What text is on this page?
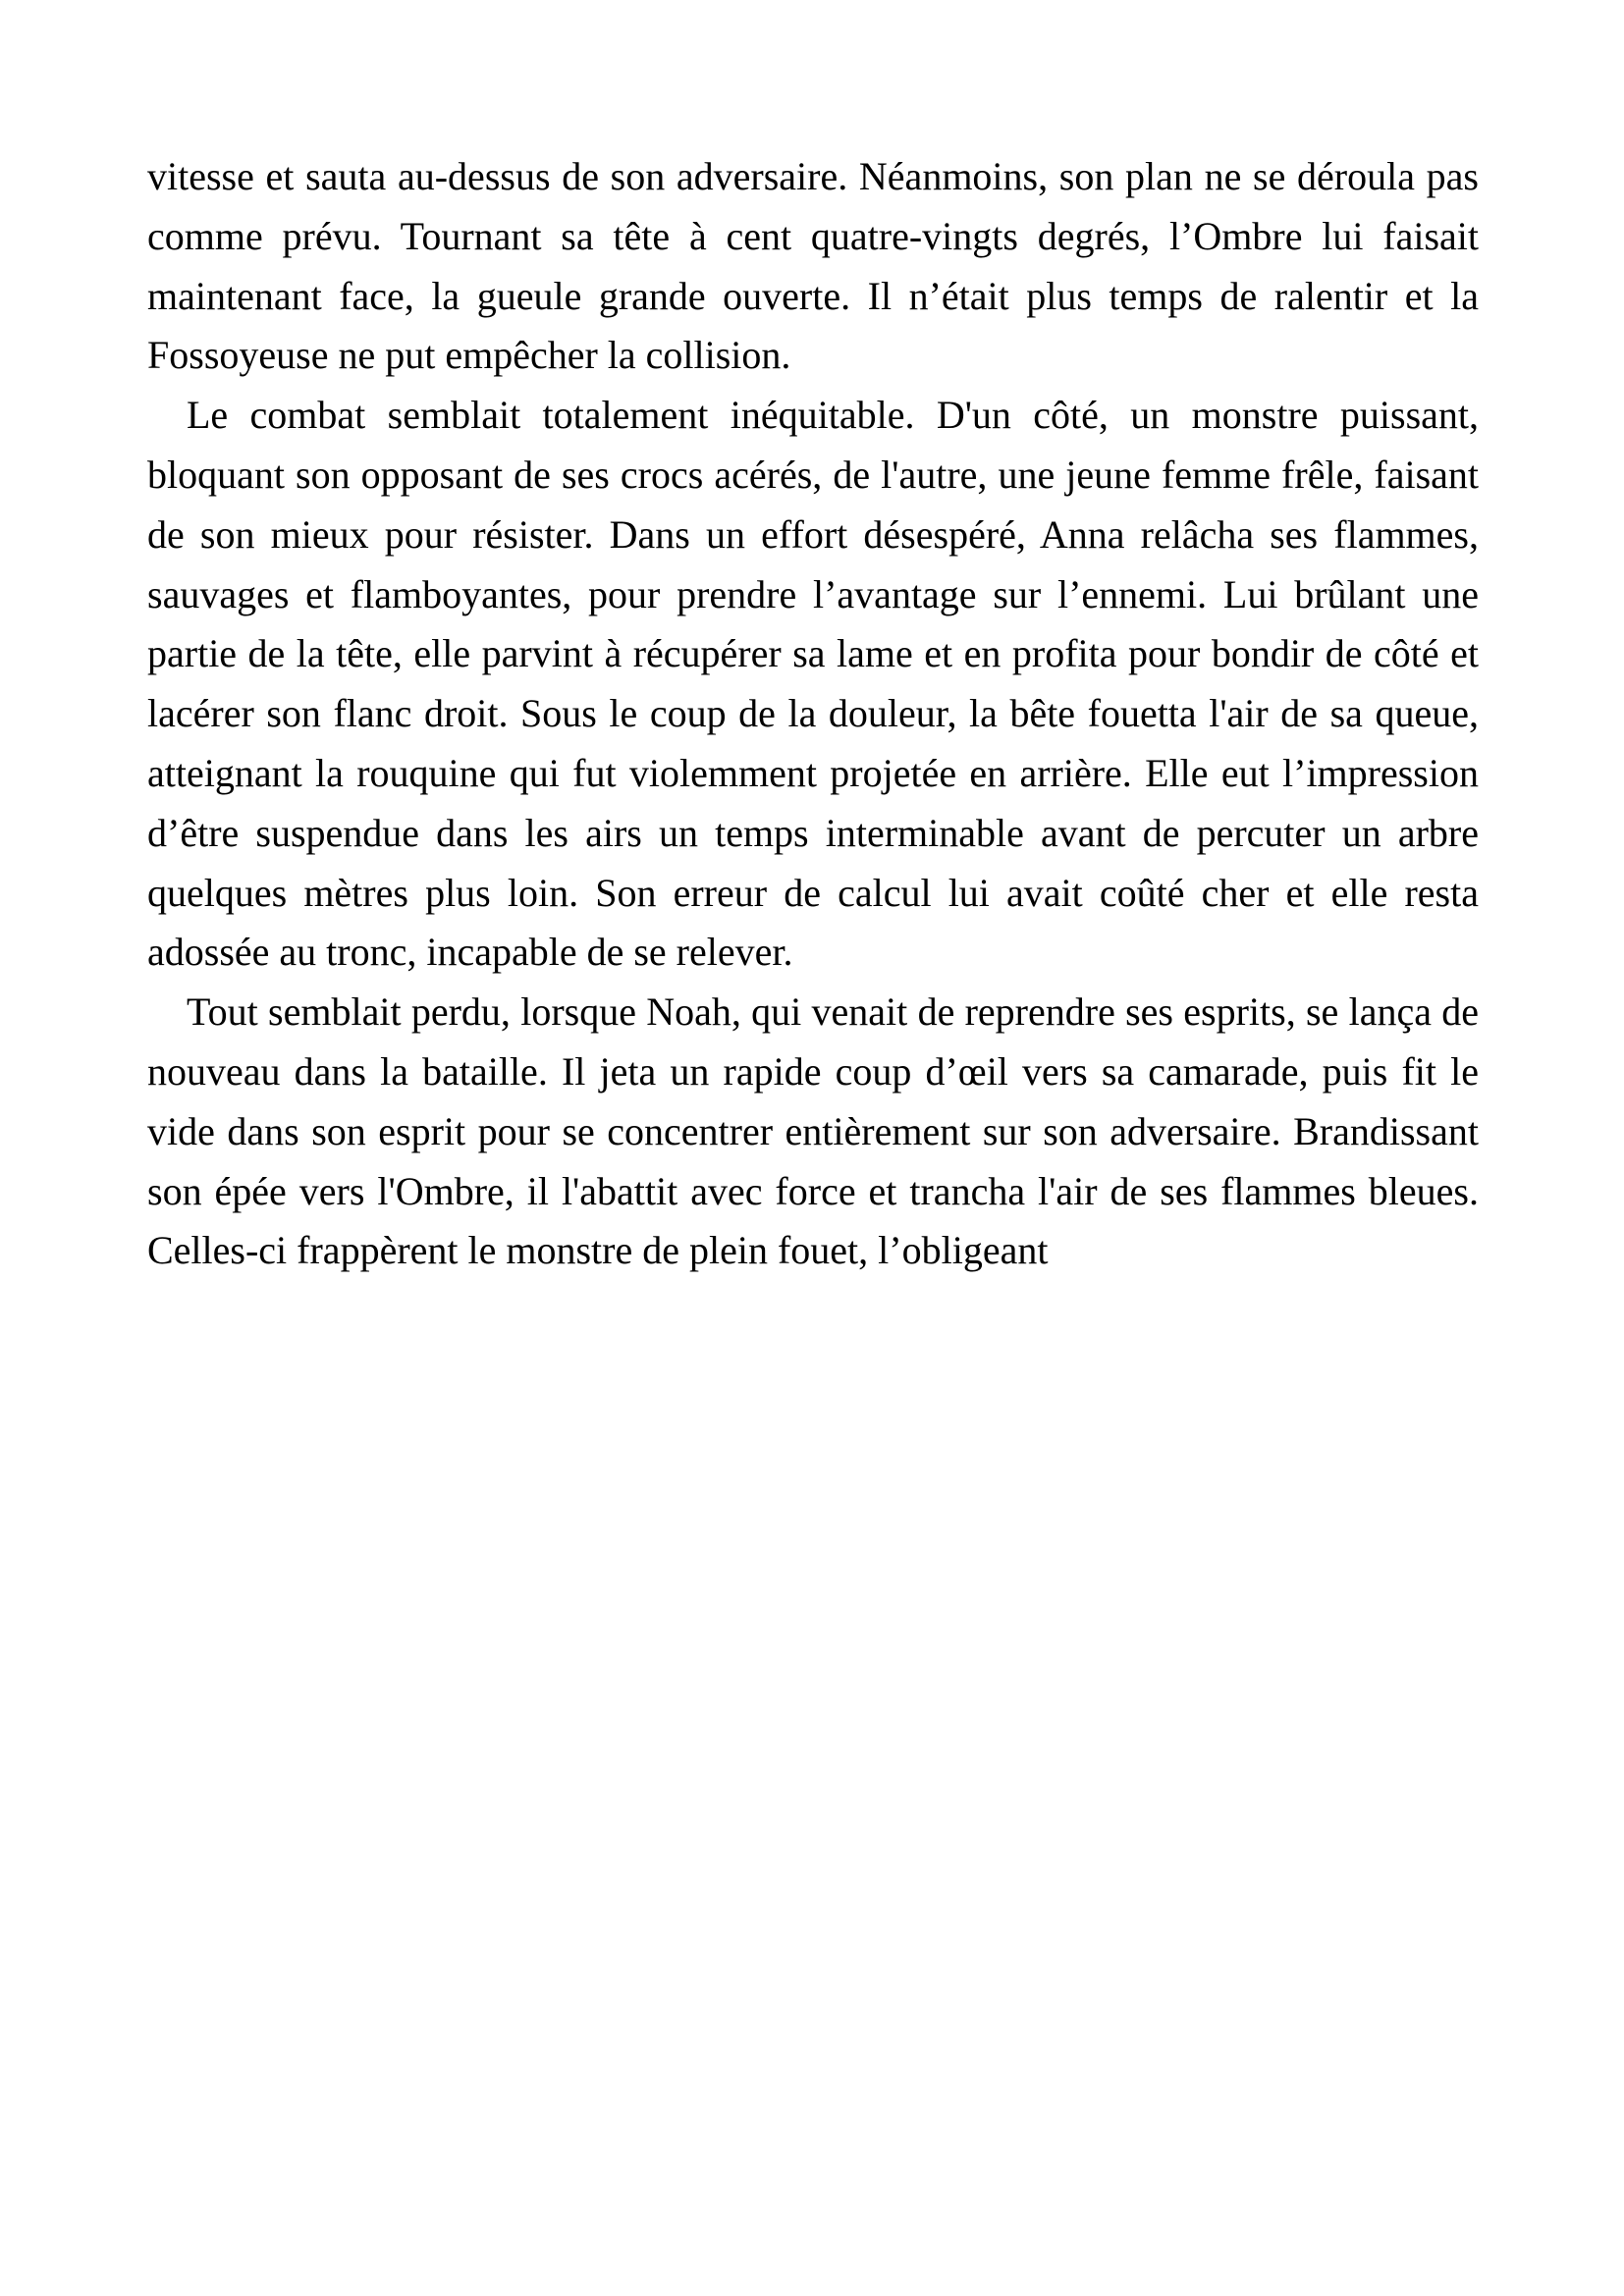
vitesse et sauta au-dessus de son adversaire. Néanmoins, son plan ne se déroula pas comme prévu. Tournant sa tête à cent quatre-vingts degrés, l’Ombre lui faisait maintenant face, la gueule grande ouverte. Il n’était plus temps de ralentir et la Fossoyeuse ne put empêcher la collision.

Le combat semblait totalement inéquitable. D'un côté, un monstre puissant, bloquant son opposant de ses crocs acérés, de l'autre, une jeune femme frêle, faisant de son mieux pour résister. Dans un effort désespéré, Anna relâcha ses flammes, sauvages et flamboyantes, pour prendre l’avantage sur l’ennemi. Lui brûlant une partie de la tête, elle parvint à récupérer sa lame et en profita pour bondir de côté et lacérer son flanc droit. Sous le coup de la douleur, la bête fouetta l'air de sa queue, atteignant la rouquine qui fut violemment projetée en arrière. Elle eut l’impression d’être suspendue dans les airs un temps interminable avant de percuter un arbre quelques mètres plus loin. Son erreur de calcul lui avait coûté cher et elle resta adossée au tronc, incapable de se relever.

Tout semblait perdu, lorsque Noah, qui venait de reprendre ses esprits, se lança de nouveau dans la bataille. Il jeta un rapide coup d’œil vers sa camarade, puis fit le vide dans son esprit pour se concentrer entièrement sur son adversaire. Brandissant son épée vers l'Ombre, il l'abattit avec force et trancha l'air de ses flammes bleues. Celles-ci frappèrent le monstre de plein fouet, l’obligeant
